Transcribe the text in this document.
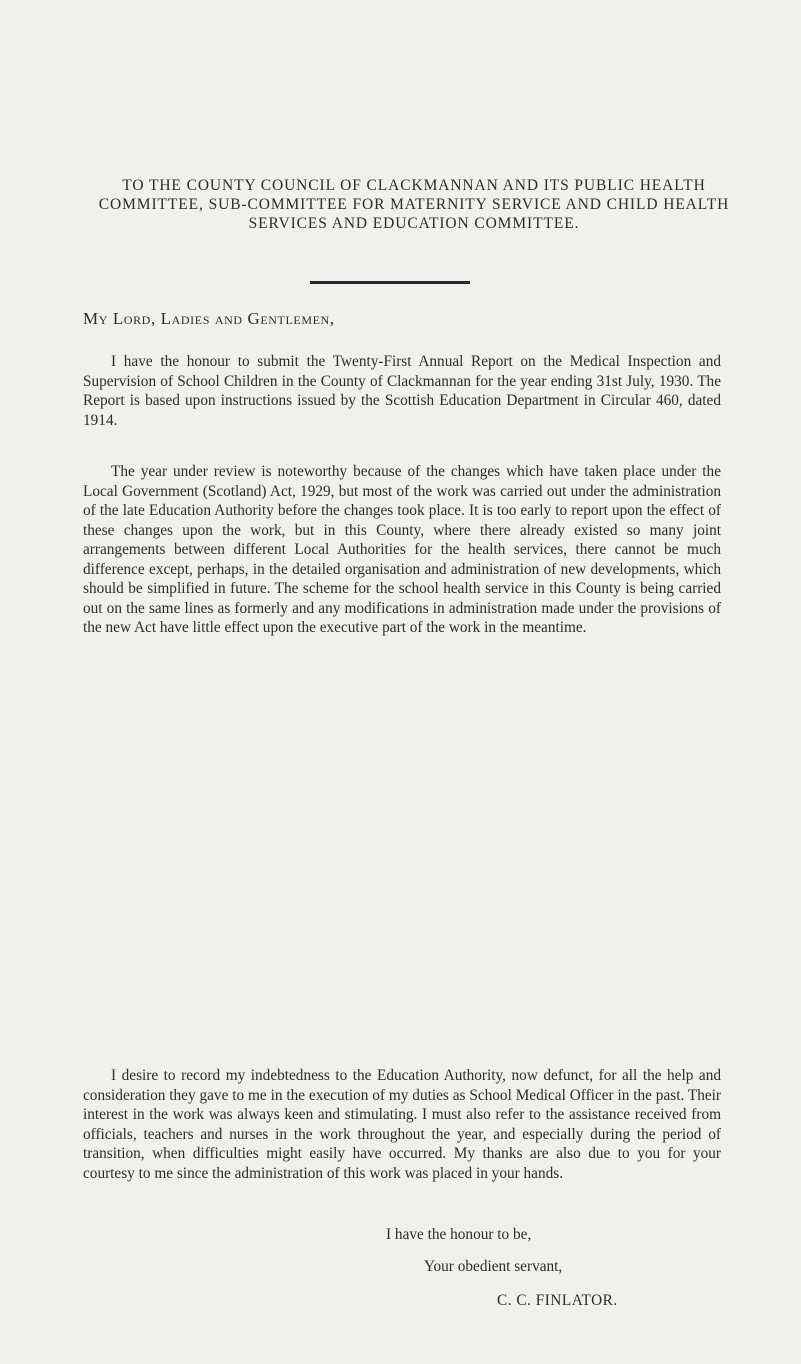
TO THE COUNTY COUNCIL OF CLACKMANNAN AND ITS PUBLIC HEALTH COMMITTEE, SUB-COMMITTEE FOR MATERNITY SERVICE AND CHILD HEALTH SERVICES AND EDUCATION COMMITTEE.
My Lord, Ladies and Gentlemen,

I have the honour to submit the Twenty-First Annual Report on the Medical Inspection and Supervision of School Children in the County of Clackmannan for the year ending 31st July, 1930. The Report is based upon instructions issued by the Scottish Education Department in Circular 460, dated 1914.

The year under review is noteworthy because of the changes which have taken place under the Local Government (Scotland) Act, 1929, but most of the work was carried out under the administration of the late Education Authority before the changes took place. It is too early to report upon the effect of these changes upon the work, but in this County, where there already existed so many joint arrangements between different Local Authorities for the health services, there cannot be much difference except, perhaps, in the detailed organisation and administration of new developments, which should be simplified in future. The scheme for the school health service in this County is being carried out on the same lines as formerly and any modifications in administration made under the provisions of the new Act have little effect upon the executive part of the work in the meantime.

I desire to record my indebtedness to the Education Authority, now defunct, for all the help and consideration they gave to me in the execution of my duties as School Medical Officer in the past. Their interest in the work was always keen and stimulating. I must also refer to the assistance received from officials, teachers and nurses in the work throughout the year, and especially during the period of transition, when difficulties might easily have occurred. My thanks are also due to you for your courtesy to me since the administration of this work was placed in your hands.

I have the honour to be,
Your obedient servant,
C. C. FINLATOR.
